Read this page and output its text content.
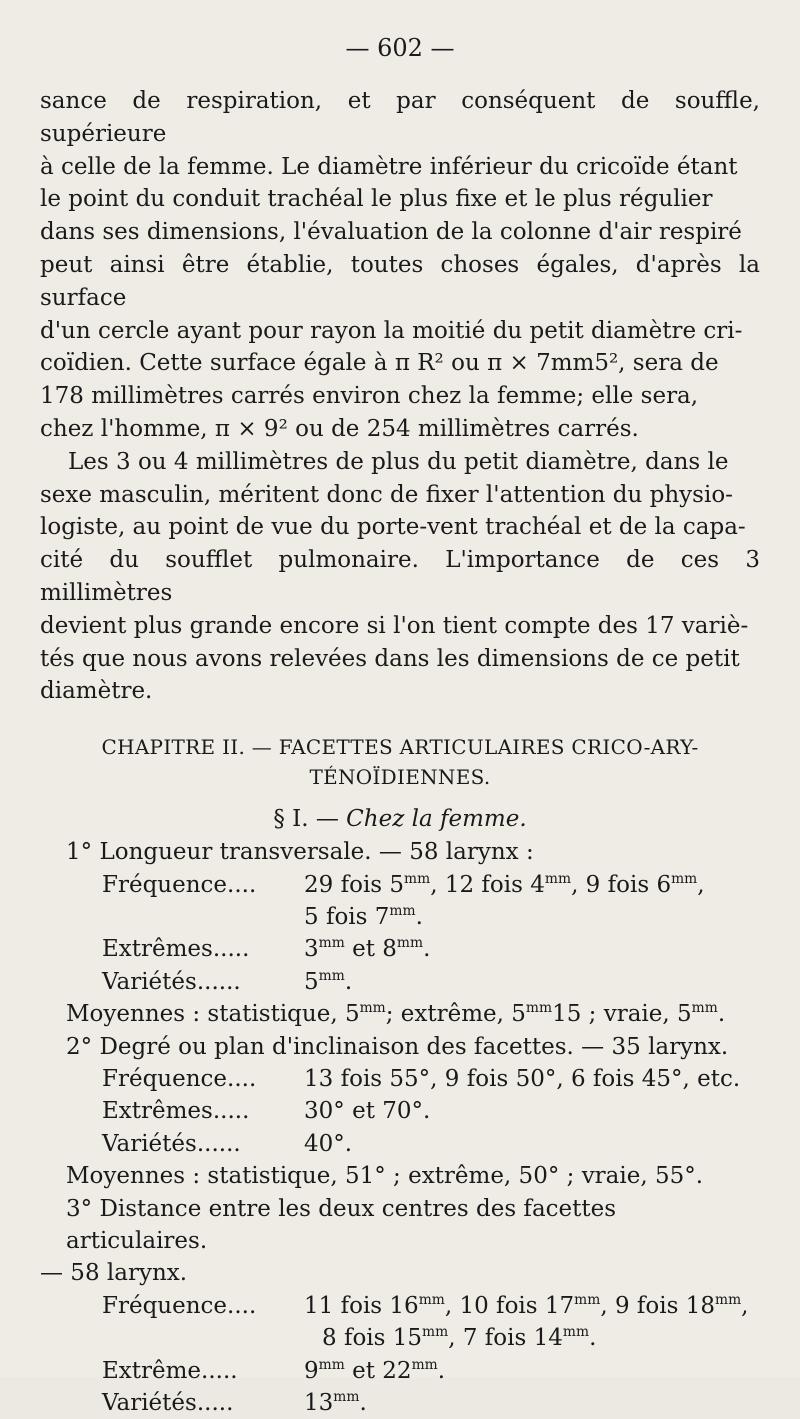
— 602 —
sance de respiration, et par conséquent de souffle, supérieure
à celle de la femme. Le diamètre inférieur du cricoïde étant
le point du conduit trachéal le plus fixe et le plus régulier
dans ses dimensions, l'évaluation de la colonne d'air respiré
peut ainsi être établie, toutes choses égales, d'après la surface
d'un cercle ayant pour rayon la moitié du petit diamètre cri-
coïdien. Cette surface égale à π R² ou π × 7mm5², sera de
178 millimètres carrés environ chez la femme; elle sera,
chez l'homme, π × 9² ou de 254 millimètres carrés.
Les 3 ou 4 millimètres de plus du petit diamètre, dans le
sexe masculin, méritent donc de fixer l'attention du physio-
logiste, au point de vue du porte-vent trachéal et de la capa-
cité du soufflet pulmonaire. L'importance de ces 3 millimètres
devient plus grande encore si l'on tient compte des 17 variè-
tés que nous avons relevées dans les dimensions de ce petit
diamètre.
CHAPITRE II. — FACETTES ARTICULAIRES CRICO-ARY-
TÉNOÏDIENNES.
§ I. — Chez la femme.
1° Longueur transversale. — 58 larynx :
Fréquence....	29 fois $5^{mm}$, 12 fois $4^{mm}$, 9 fois $6^{mm}$,
5 fois $7^{mm}$.
Extrêmes.....	$3^{mm}$ et $8^{mm}$.
Variétés......	$5^{mm}$.
Moyennes : statistique, $5^{mm}$; extrême, $5^{mm}15$ ; vraie, $5^{mm}$.
2° Degré ou plan d'inclinaison des facettes. — 35 larynx.
Fréquence....	13 fois 55°, 9 fois 50°, 6 fois 45°, etc.
Extrêmes.....	30° et 70°.
Variétés......	40°.
Moyennes : statistique, 51° ; extrême, 50° ; vraie, 55°.
3° Distance entre les deux centres des facettes articulaires.
— 58 larynx.
Fréquence....	11 fois $16^{mm}$, 10 fois $17^{mm}$, 9 fois $18^{mm}$,
8 fois $15^{mm}$, 7 fois $14^{mm}$.
Extrême.....	$9^{mm}$ et $22^{mm}$.
Variétés.....	$13^{mm}$.
